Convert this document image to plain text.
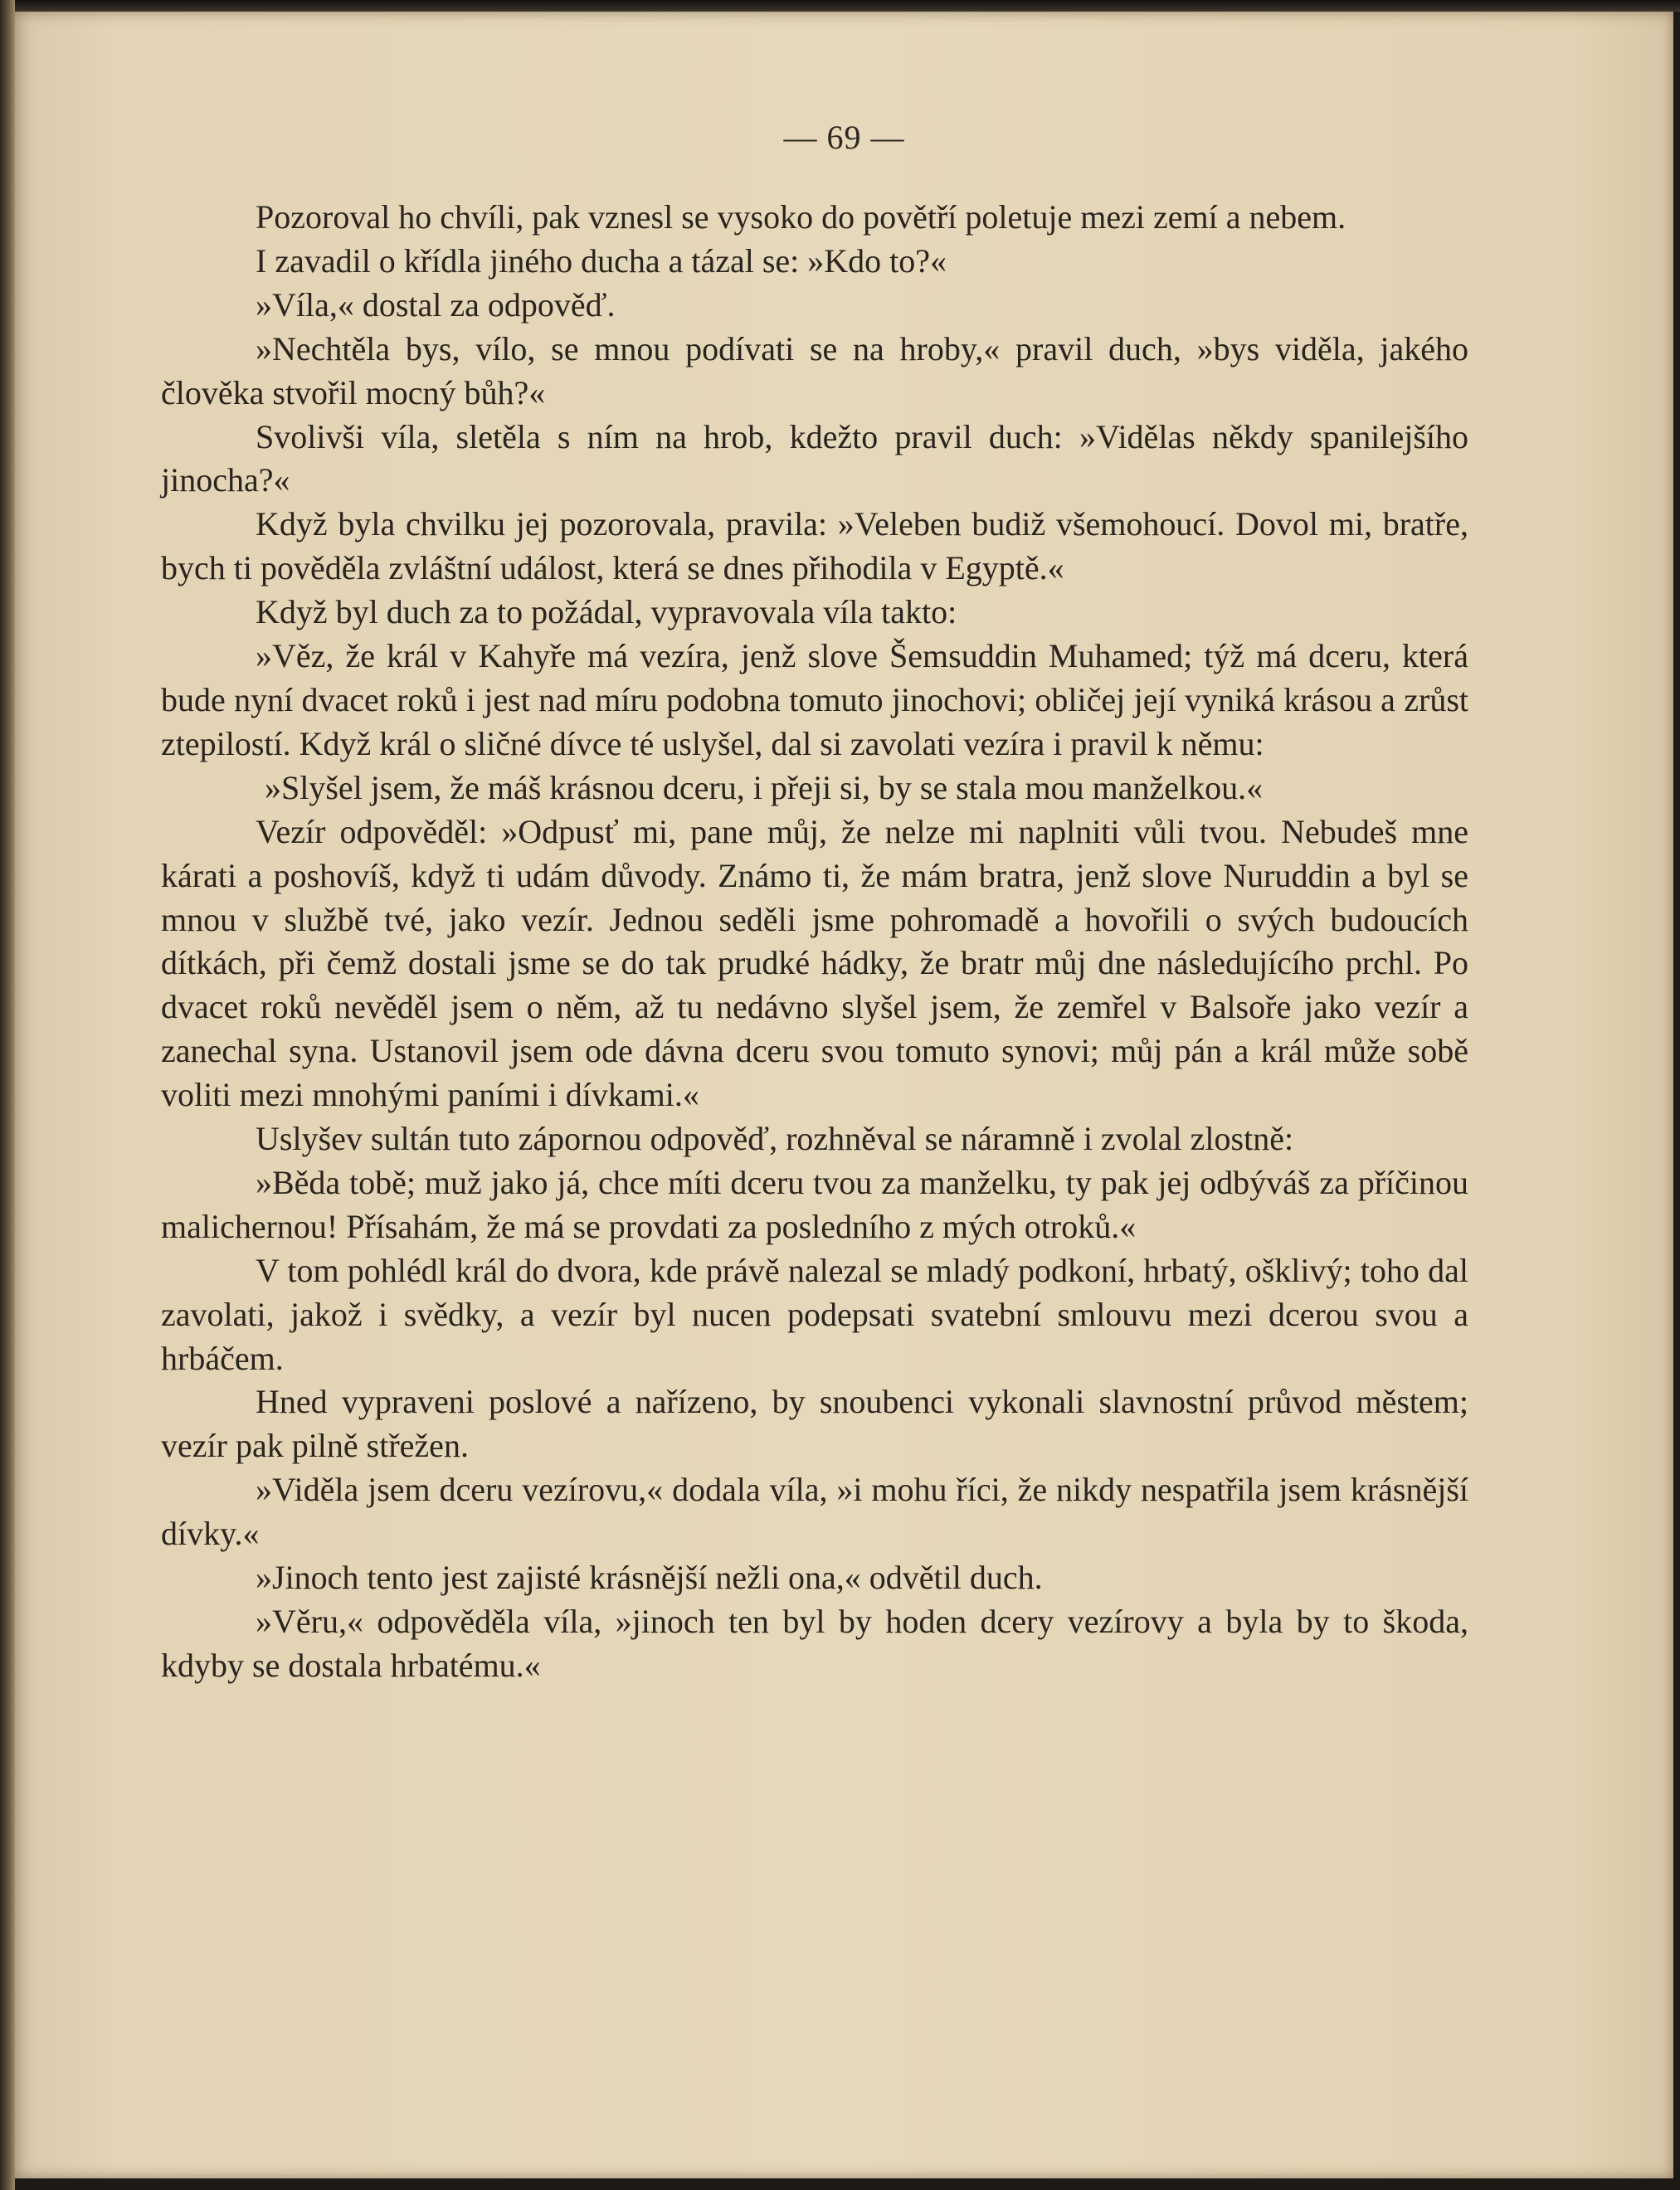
— 69 —

Pozoroval ho chvíli, pak vznesl se vysoko do povětří poletuje mezi zemí a nebem.

I zavadil o křídla jiného ducha a tázal se: »Kdo to?«

»Víla,« dostal za odpověď.

»Nechtěla bys, vílo, se mnou podívati se na hroby,« pravil duch, »bys viděla, jakého člověka stvořil mocný bůh?«

Svolivši víla, sletěla s ním na hrob, kdežto pravil duch: »Vidělas někdy spanilejšího jinocha?«

Když byla chvilku jej pozorovala, pravila: »Veleben budiž všemohoucí. Dovol mi, bratře, bych ti pověděla zvláštní událost, která se dnes přihodila v Egyptě.«

Když byl duch za to požádal, vypravovala víla takto:

»Věz, že král v Kahyře má vezíra, jenž slove Šemsuddin Muhamed; týž má dceru, která bude nyní dvacet roků i jest nad míru podobna tomuto jinochovi; obličej její vyniká krásou a zrůst ztepilostí. Když král o sličné dívce té uslyšel, dal si zavolati vezíra i pravil k němu:

»Slyšel jsem, že máš krásnou dceru, i přeji si, by se stala mou manželkou.«

Vezír odpověděl: »Odpusť mi, pane můj, že nelze mi naplniti vůli tvou. Nebudeš mne kárati a poshovíš, když ti udám důvody. Známo ti, že mám bratra, jenž slove Nuruddin a byl se mnou v službě tvé, jako vezír. Jednou seděli jsme pohromadě a hovořili o svých budoucích dítkách, při čemž dostali jsme se do tak prudké hádky, že bratr můj dne následujícího prchl. Po dvacet roků nevěděl jsem o něm, až tu nedávno slyšel jsem, že zemřel v Balsoře jako vezír a zanechal syna. Ustanovil jsem ode dávna dceru svou tomuto synovi; můj pán a král může sobě voliti mezi mnohými paními i dívkami.«

Uslyšev sultán tuto zápornou odpověď, rozhněval se náramně i zvolal zlostně:

»Běda tobě; muž jako já, chce míti dceru tvou za manželku, ty pak jej odbýváš za příčinou malichernou! Přísahám, že má se provdati za posledního z mých otroků.«

V tom pohlédl král do dvora, kde právě nalezal se mladý podkoní, hrbatý, ošklivý; toho dal zavolati, jakož i svědky, a vezír byl nucen podepsati svatební smlouvu mezi dcerou svou a hrbáčem.

Hned vypraveni poslové a nařízeno, by snoubenci vykonali slavnostní průvod městem; vezír pak pilně střežen.

»Viděla jsem dceru vezírovu,« dodala víla, »i mohu říci, že nikdy nespatřila jsem krásnější dívky.«

»Jinoch tento jest zajisté krásnější nežli ona,« odvětil duch.

»Věru,« odpověděla víla, »jinoch ten byl by hoden dcery vezírovy a byla by to škoda, kdyby se dostala hrbatému.«
